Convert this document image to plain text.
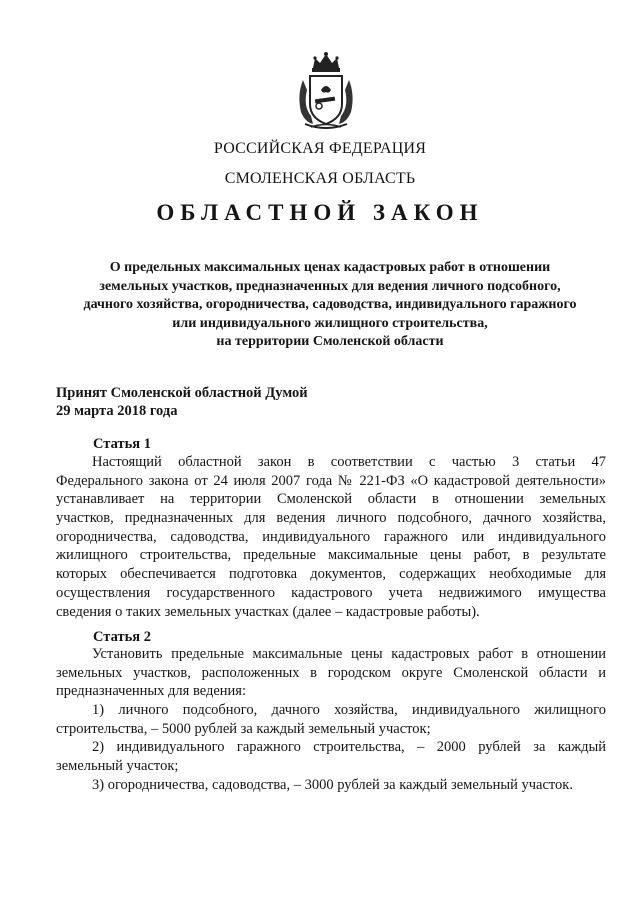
РОССИЙСКАЯ ФЕДЕРАЦИЯ
СМОЛЕНСКАЯ ОБЛАСТЬ
ОБЛАСТНОЙ ЗАКОН
О предельных максимальных ценах кадастровых работ в отношении
земельных участков, предназначенных для ведения личного подсобного,
дачного хозяйства, огородничества, садоводства, индивидуального гаражного
или индивидуального жилищного строительства,
на территории Смоленской области
Принят Смоленской областной Думой
29 марта 2018 года
Статья 1
Настоящий областной закон в соответствии с частью 3 статьи 47
Федерального закона от 24 июля 2007 года № 221-ФЗ «О кадастровой деятельности»
устанавливает на территории Смоленской области в отношении земельных
участков, предназначенных для ведения личного подсобного, дачного хозяйства,
огородничества, садоводства, индивидуального гаражного или индивидуального
жилищного строительства, предельные максимальные цены работ, в результате
которых обеспечивается подготовка документов, содержащих необходимые для
осуществления государственного кадастрового учета недвижимого имущества
сведения о таких земельных участках (далее – кадастровые работы).
Статья 2
Установить предельные максимальные цены кадастровых работ в отношении
земельных участков, расположенных в городском округе Смоленской области и
предназначенных для ведения:
1) личного подсобного, дачного хозяйства, индивидуального жилищного
строительства, – 5000 рублей за каждый земельный участок;
2) индивидуального гаражного строительства, – 2000 рублей за каждый
земельный участок;
3) огородничества, садоводства, – 3000 рублей за каждый земельный участок.
